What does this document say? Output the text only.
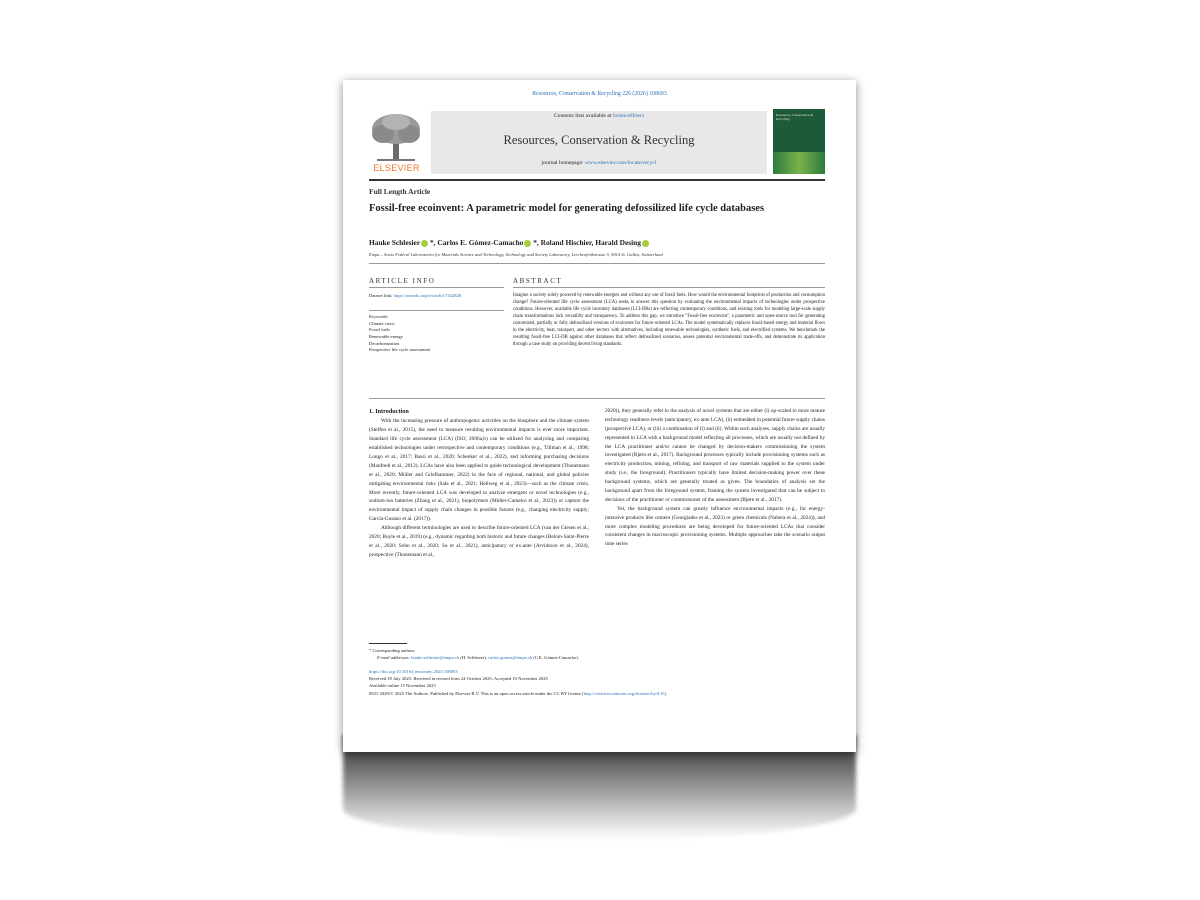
Resources, Conservation & Recycling 226 (2026) 108693
ELSEVIER
Contents lists available at ScienceDirect
Resources, Conservation & Recycling
journal homepage: www.elsevier.com/locate/recycl
Resources, Conservation & Recycling
Full Length Article
Fossil-free ecoinvent: A parametric model for generating defossilized life cycle databases
Hauke Schlesier *, Carlos E. Gómez-Camacho *, Roland Hischier, Harald Desing
Empa – Swiss Federal Laboratories for Materials Science and Technology, Technology and Society Laboratory, Lerchenfeldstrasse 5, 9014 St. Gallen, Switzerland
ARTICLE INFO	ABSTRACT
Dataset link: https://zenodo.org/records/17432826
Keywords:
Climate crisis
Fossil fuels
Renewable energy
Decarbonization
Prospective life cycle assessment
Imagine a society solely powered by renewable energies and without any use of fossil fuels. How would the environmental footprints of production and consumption change? Future-oriented life cycle assessment (LCA) seeks to answer this question by evaluating the environmental impacts of technologies under prospective conditions. However, available life cycle inventory databases (LCI-DBs) are reflecting contemporary conditions, and existing tools for modeling large-scale supply chain transformations lack versatility and transparency. To address this gap, we introduce "Fossil-free ecoinvent", a parametric and open-source tool for generating customized, partially or fully defossilized versions of ecoinvent for future-oriented LCAs. The model systematically replaces fossil-based energy and material flows in the electricity, heat, transport, and other sectors with alternatives, including renewable technologies, synthetic fuels, and electrified systems. We benchmark the resulting fossil-free LCI-DB against other databases that reflect defossilized scenarios, assess potential environmental trade-offs, and demonstrate its application through a case study on providing decent living standards.

1. Introduction

With the increasing pressure of anthropogenic activities on the biosphere and the climate system (Steffen et al., 2015), the need to measure resulting environmental impacts is ever more important. Standard life cycle assessment (LCA) (ISO, 2006a,b) can be utilized for analyzing and comparing established technologies under retrospective and contemporary conditions (e.g., Tillman et al., 1998; Longo et al., 2017; Bassi et al., 2020; Schenker et al., 2022), and informing purchasing decisions (Manfredi et al., 2012). LCAs have also been applied to guide technological development (Thonemann et al., 2020; Müller and Griefhammer, 2022) in the face of regional, national, and global policies mitigating environmental risks (Sala et al., 2021; Hellweg et al., 2023)—such as the climate crisis. More recently, future-oriented LCA was developed to analyze emergent or novel technologies (e.g., sodium-ion batteries (Zhang et al., 2021), biopolymers (Müller-Carneiro et al., 2023)) or capture the environmental impact of supply chain changes in possible futures (e.g., changing electricity supply; García-Gusano et al. (2017)).

Although different terminologies are used to describe future-oriented LCA (van der Giesen et al., 2020; Buyle et al., 2019) (e.g., dynamic regarding both historic and future changes (Beloin-Saint-Pierre et al., 2020; Sohn et al., 2020; Su et al., 2021), anticipatory or ex-ante (Arvidsson et al., 2024), prospective (Thonemann et al.,

2020)), they generally refer to the analysis of novel systems that are either (i) up-scaled to more mature technology readiness levels (anticipatory, ex-ante LCA), (ii) embedded in potential future supply chains (prospective LCA), or (iii) a combination of (i) and (ii). Within such analyses, supply chains are usually represented in LCA with a background model reflecting all processes, which are usually not defined by the LCA practitioner and/or cannot be changed by decision-makers commissioning the system investigated (Bjørn et al., 2017). Background processes typically include provisioning systems such as electricity production, mining, refining, and transport of raw materials supplied to the system under study (i.e., the foreground). Practitioners typically have limited decision-making power over these background systems, which are generally treated as given. The boundaries of analysis set the background apart from the foreground system, framing the system investigated that can be subject to decisions of the practitioner or commissioner of the assessment (Bjørn et al., 2017).

Yet, the background system can greatly influence environmental impacts (e.g., for energy-intensive products like cement (Georgiades et al., 2023) or green chemicals (Nabera et al., 2024)), and more complex modeling procedures are being developed for future-oriented LCAs that consider consistent changes in macroscopic provisioning systems. Multiple approaches take the scenario output time series

* Corresponding authors.
E-mail addresses: hauke.schlesier@empa.ch (H. Schlesier), carlos.gomez@empa.ch (C.E. Gómez-Camacho).
https://doi.org/10.1016/j.resconrec.2025.108693
Received 18 July 2025; Received in revised form 24 October 2025; Accepted 10 November 2025
Available online 15 November 2025
0921-3449/© 2025 The Authors. Published by Elsevier B.V. This is an open access article under the CC BY license (http://creativecommons.org/licenses/by/4.0/).
